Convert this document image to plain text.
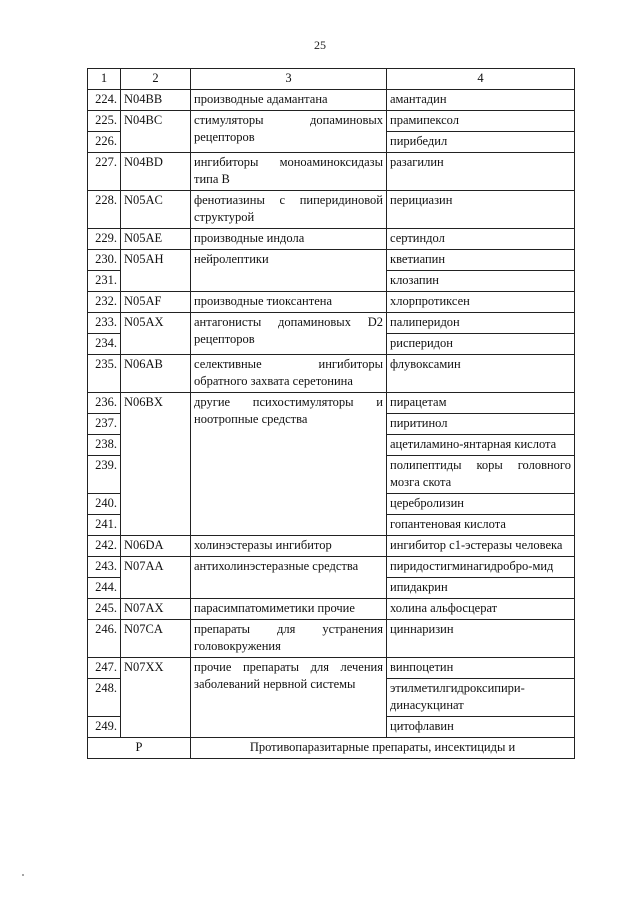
25
1	2	3	4
224.	N04BB	производные адамантана	амантадин
225.	N04BC	стимуляторы допаминовых рецепторов	прамипексол
226.			пирибедил
227.	N04BD	ингибиторы моноаминоксидазы типа В	разагилин
228.	N05AC	фенотиазины с пиперидиновой структурой	перициазин
229.	N05AE	производные индола	сертиндол
230.	N05AH	нейролептики	кветиапин
231.			клозапин
232.	N05AF	производные тиоксантена	хлорпротиксен
233.	N05AX	антагонисты допаминовых D2 рецепторов	палиперидон
234.			рисперидон
235.	N06AB	селективные ингибиторы обратного захвата серетонина	флувоксамин
236.	N06BX	другие психостимуляторы и ноотропные средства	пирацетам
237.			пиритинол
238.			ацетиламино-янтарная кислота
239.			полипептиды коры головного мозга скота
240.			церебролизин
241.			гопантеновая кислота
242.	N06DA	холинэстеразы ингибитор	ингибитор с1-эстеразы человека
243.	N07AA	антихолинэстеразные средства	пиридостигминагидробро-мид
244.			ипидакрин
245.	N07AX	парасимпатомиметики прочие	холина альфосцерат
246.	N07CA	препараты для устранения головокружения	циннаризин
247.	N07XX	прочие препараты для лечения заболеваний нервной системы	винпоцетин
248.			этилметилгидроксипири-динасукцинат
249.			цитофлавин
P		Противопаразитарные препараты, инсектициды и	
